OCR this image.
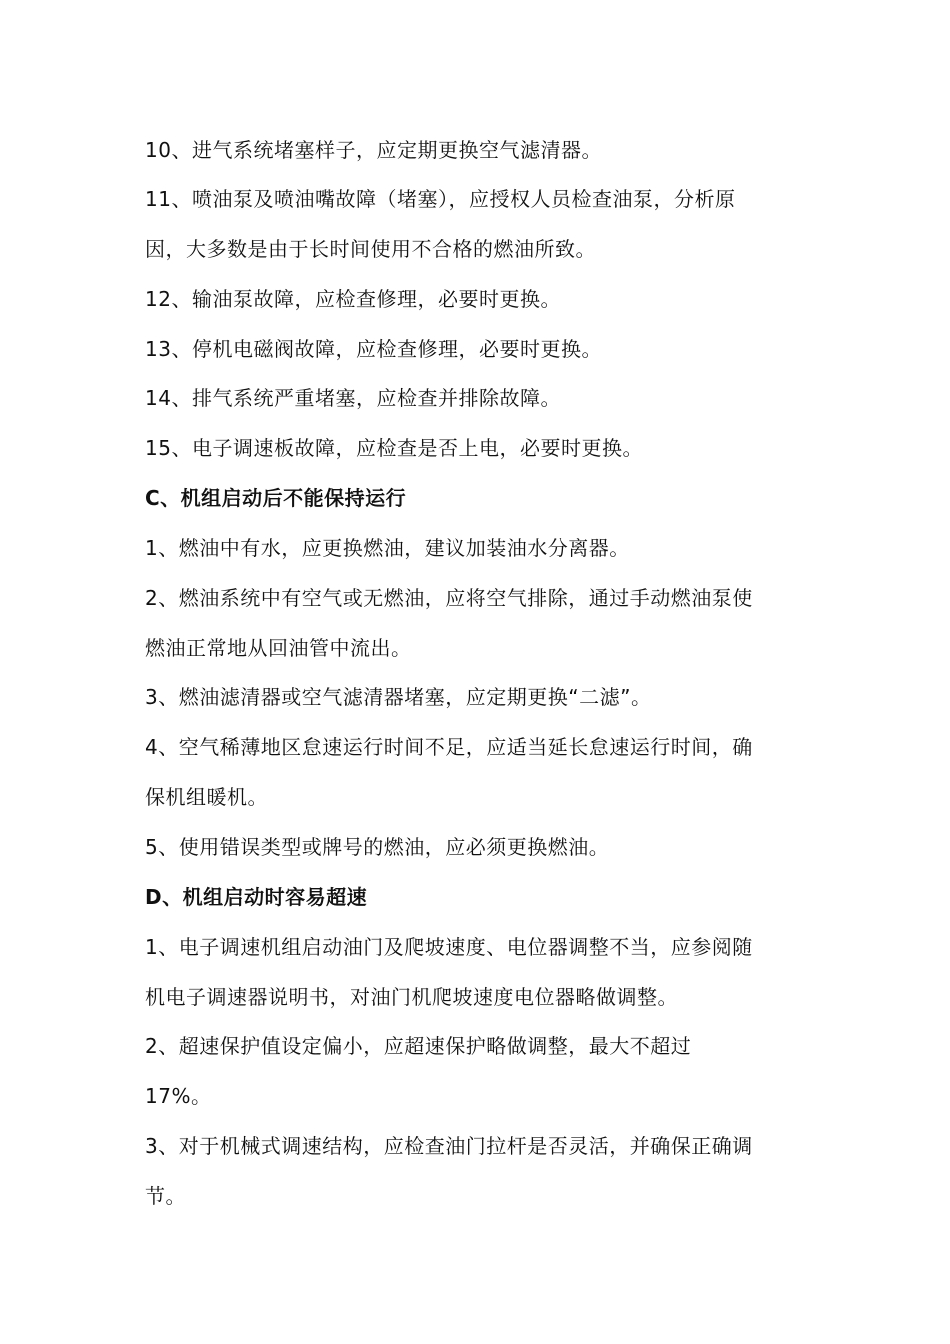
10、进气系统堵塞样子，应定期更换空气滤清器。
11、喷油泵及喷油嘴故障（堵塞），应授权人员检查油泵，分析原
因，大多数是由于长时间使用不合格的燃油所致。
12、输油泵故障，应检查修理，必要时更换。
13、停机电磁阀故障，应检查修理，必要时更换。
14、排气系统严重堵塞，应检查并排除故障。
15、电子调速板故障，应检查是否上电，必要时更换。
C、机组启动后不能保持运行
1、燃油中有水，应更换燃油，建议加装油水分离器。
2、燃油系统中有空气或无燃油，应将空气排除，通过手动燃油泵使
燃油正常地从回油管中流出。
3、燃油滤清器或空气滤清器堵塞，应定期更换“二滤”。
4、空气稀薄地区怠速运行时间不足，应适当延长怠速运行时间，确
保机组暖机。
5、使用错误类型或牌号的燃油，应必须更换燃油。
D、机组启动时容易超速
1、电子调速机组启动油门及爬坡速度、电位器调整不当，应参阅随
机电子调速器说明书，对油门机爬坡速度电位器略做调整。
2、超速保护值设定偏小，应超速保护略做调整，最大不超过
17%。
3、对于机械式调速结构，应检查油门拉杆是否灵活，并确保正确调
节。
